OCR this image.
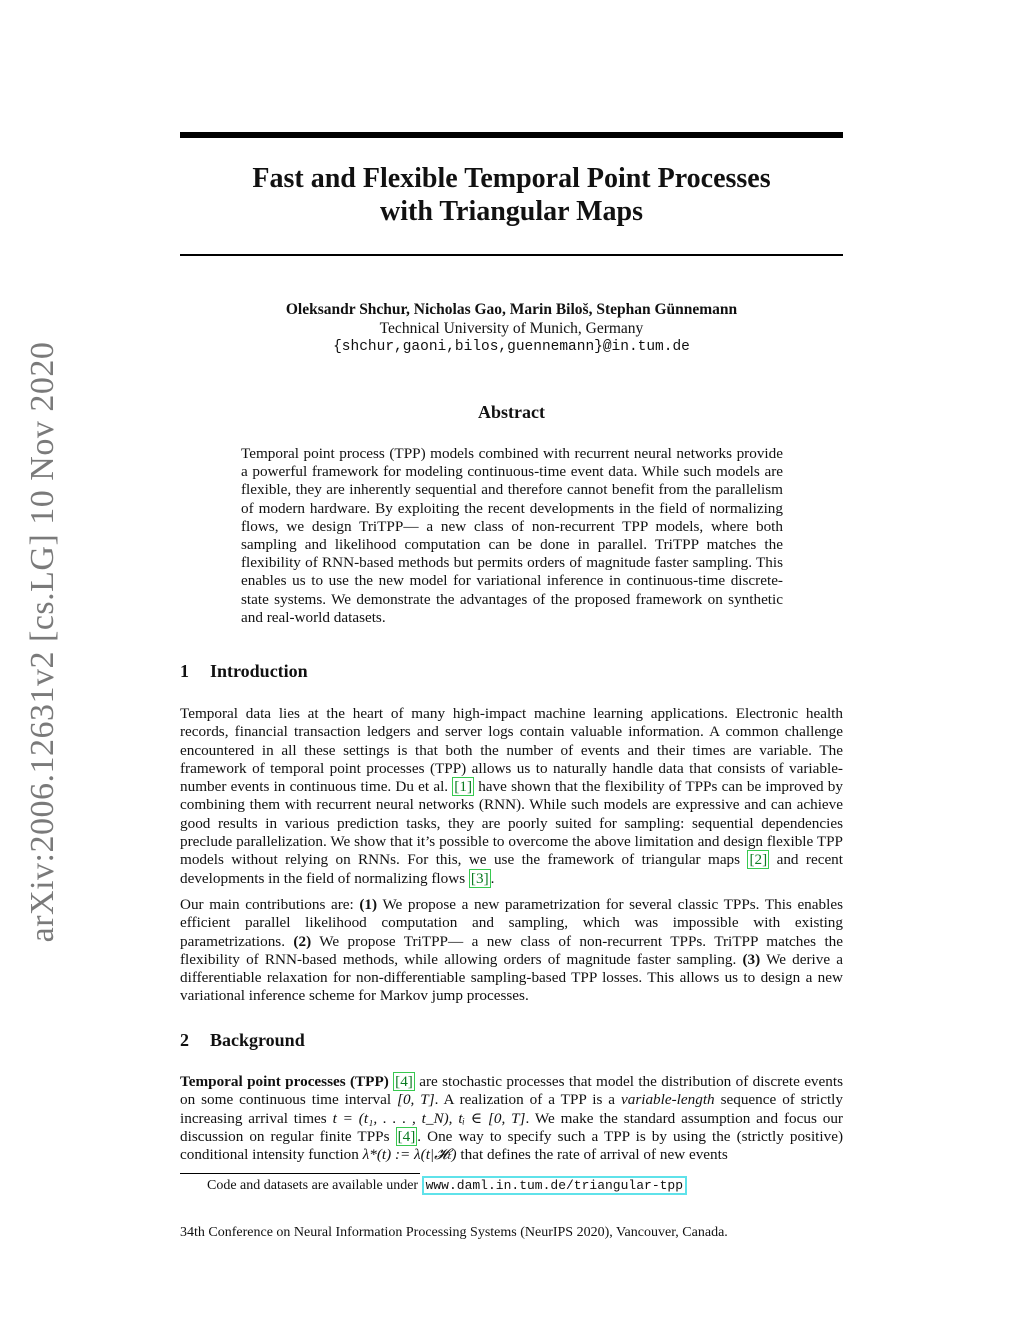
arXiv:2006.12631v2 [cs.LG] 10 Nov 2020
Fast and Flexible Temporal Point Processes
with Triangular Maps
Oleksandr Shchur, Nicholas Gao, Marin Biloš, Stephan Günnemann
Technical University of Munich, Germany
{shchur,gaoni,bilos,guennemann}@in.tum.de
Abstract
Temporal point process (TPP) models combined with recurrent neural networks provide a powerful framework for modeling continuous-time event data. While such models are flexible, they are inherently sequential and therefore cannot benefit from the parallelism of modern hardware. By exploiting the recent developments in the field of normalizing flows, we design TriTPP— a new class of non-recurrent TPP models, where both sampling and likelihood computation can be done in parallel. TriTPP matches the flexibility of RNN-based methods but permits orders of magnitude faster sampling. This enables us to use the new model for variational inference in continuous-time discrete-state systems. We demonstrate the advantages of the proposed framework on synthetic and real-world datasets.
1 Introduction
Temporal data lies at the heart of many high-impact machine learning applications. Electronic health records, financial transaction ledgers and server logs contain valuable information. A common challenge encountered in all these settings is that both the number of events and their times are variable. The framework of temporal point processes (TPP) allows us to naturally handle data that consists of variable-number events in continuous time. Du et al. [1] have shown that the flexibility of TPPs can be improved by combining them with recurrent neural networks (RNN). While such models are expressive and can achieve good results in various prediction tasks, they are poorly suited for sampling: sequential dependencies preclude parallelization. We show that it’s possible to overcome the above limitation and design flexible TPP models without relying on RNNs. For this, we use the framework of triangular maps [2] and recent developments in the field of normalizing flows [3] .
Our main contributions are: (1) We propose a new parametrization for several classic TPPs. This enables efficient parallel likelihood computation and sampling, which was impossible with existing parametrizations. (2) We propose TriTPP— a new class of non-recurrent TPPs. TriTPP matches the flexibility of RNN-based methods, while allowing orders of magnitude faster sampling. (3) We derive a differentiable relaxation for non-differentiable sampling-based TPP losses. This allows us to design a new variational inference scheme for Markov jump processes.
2 Background
Temporal point processes (TPP) [4] are stochastic processes that model the distribution of discrete events on some continuous time interval [0, T]. A realization of a TPP is a variable-length sequence of strictly increasing arrival times t = (t₁, . . . , t_N), tᵢ ∈ [0, T]. We make the standard assumption and focus our discussion on regular finite TPPs [4] . One way to specify such a TPP is by using the (strictly positive) conditional intensity function λ*(t) := λ(t|𝓗ₜ) that defines the rate of arrival of new events
Code and datasets are available under www.daml.in.tum.de/triangular-tpp
34th Conference on Neural Information Processing Systems (NeurIPS 2020), Vancouver, Canada.
